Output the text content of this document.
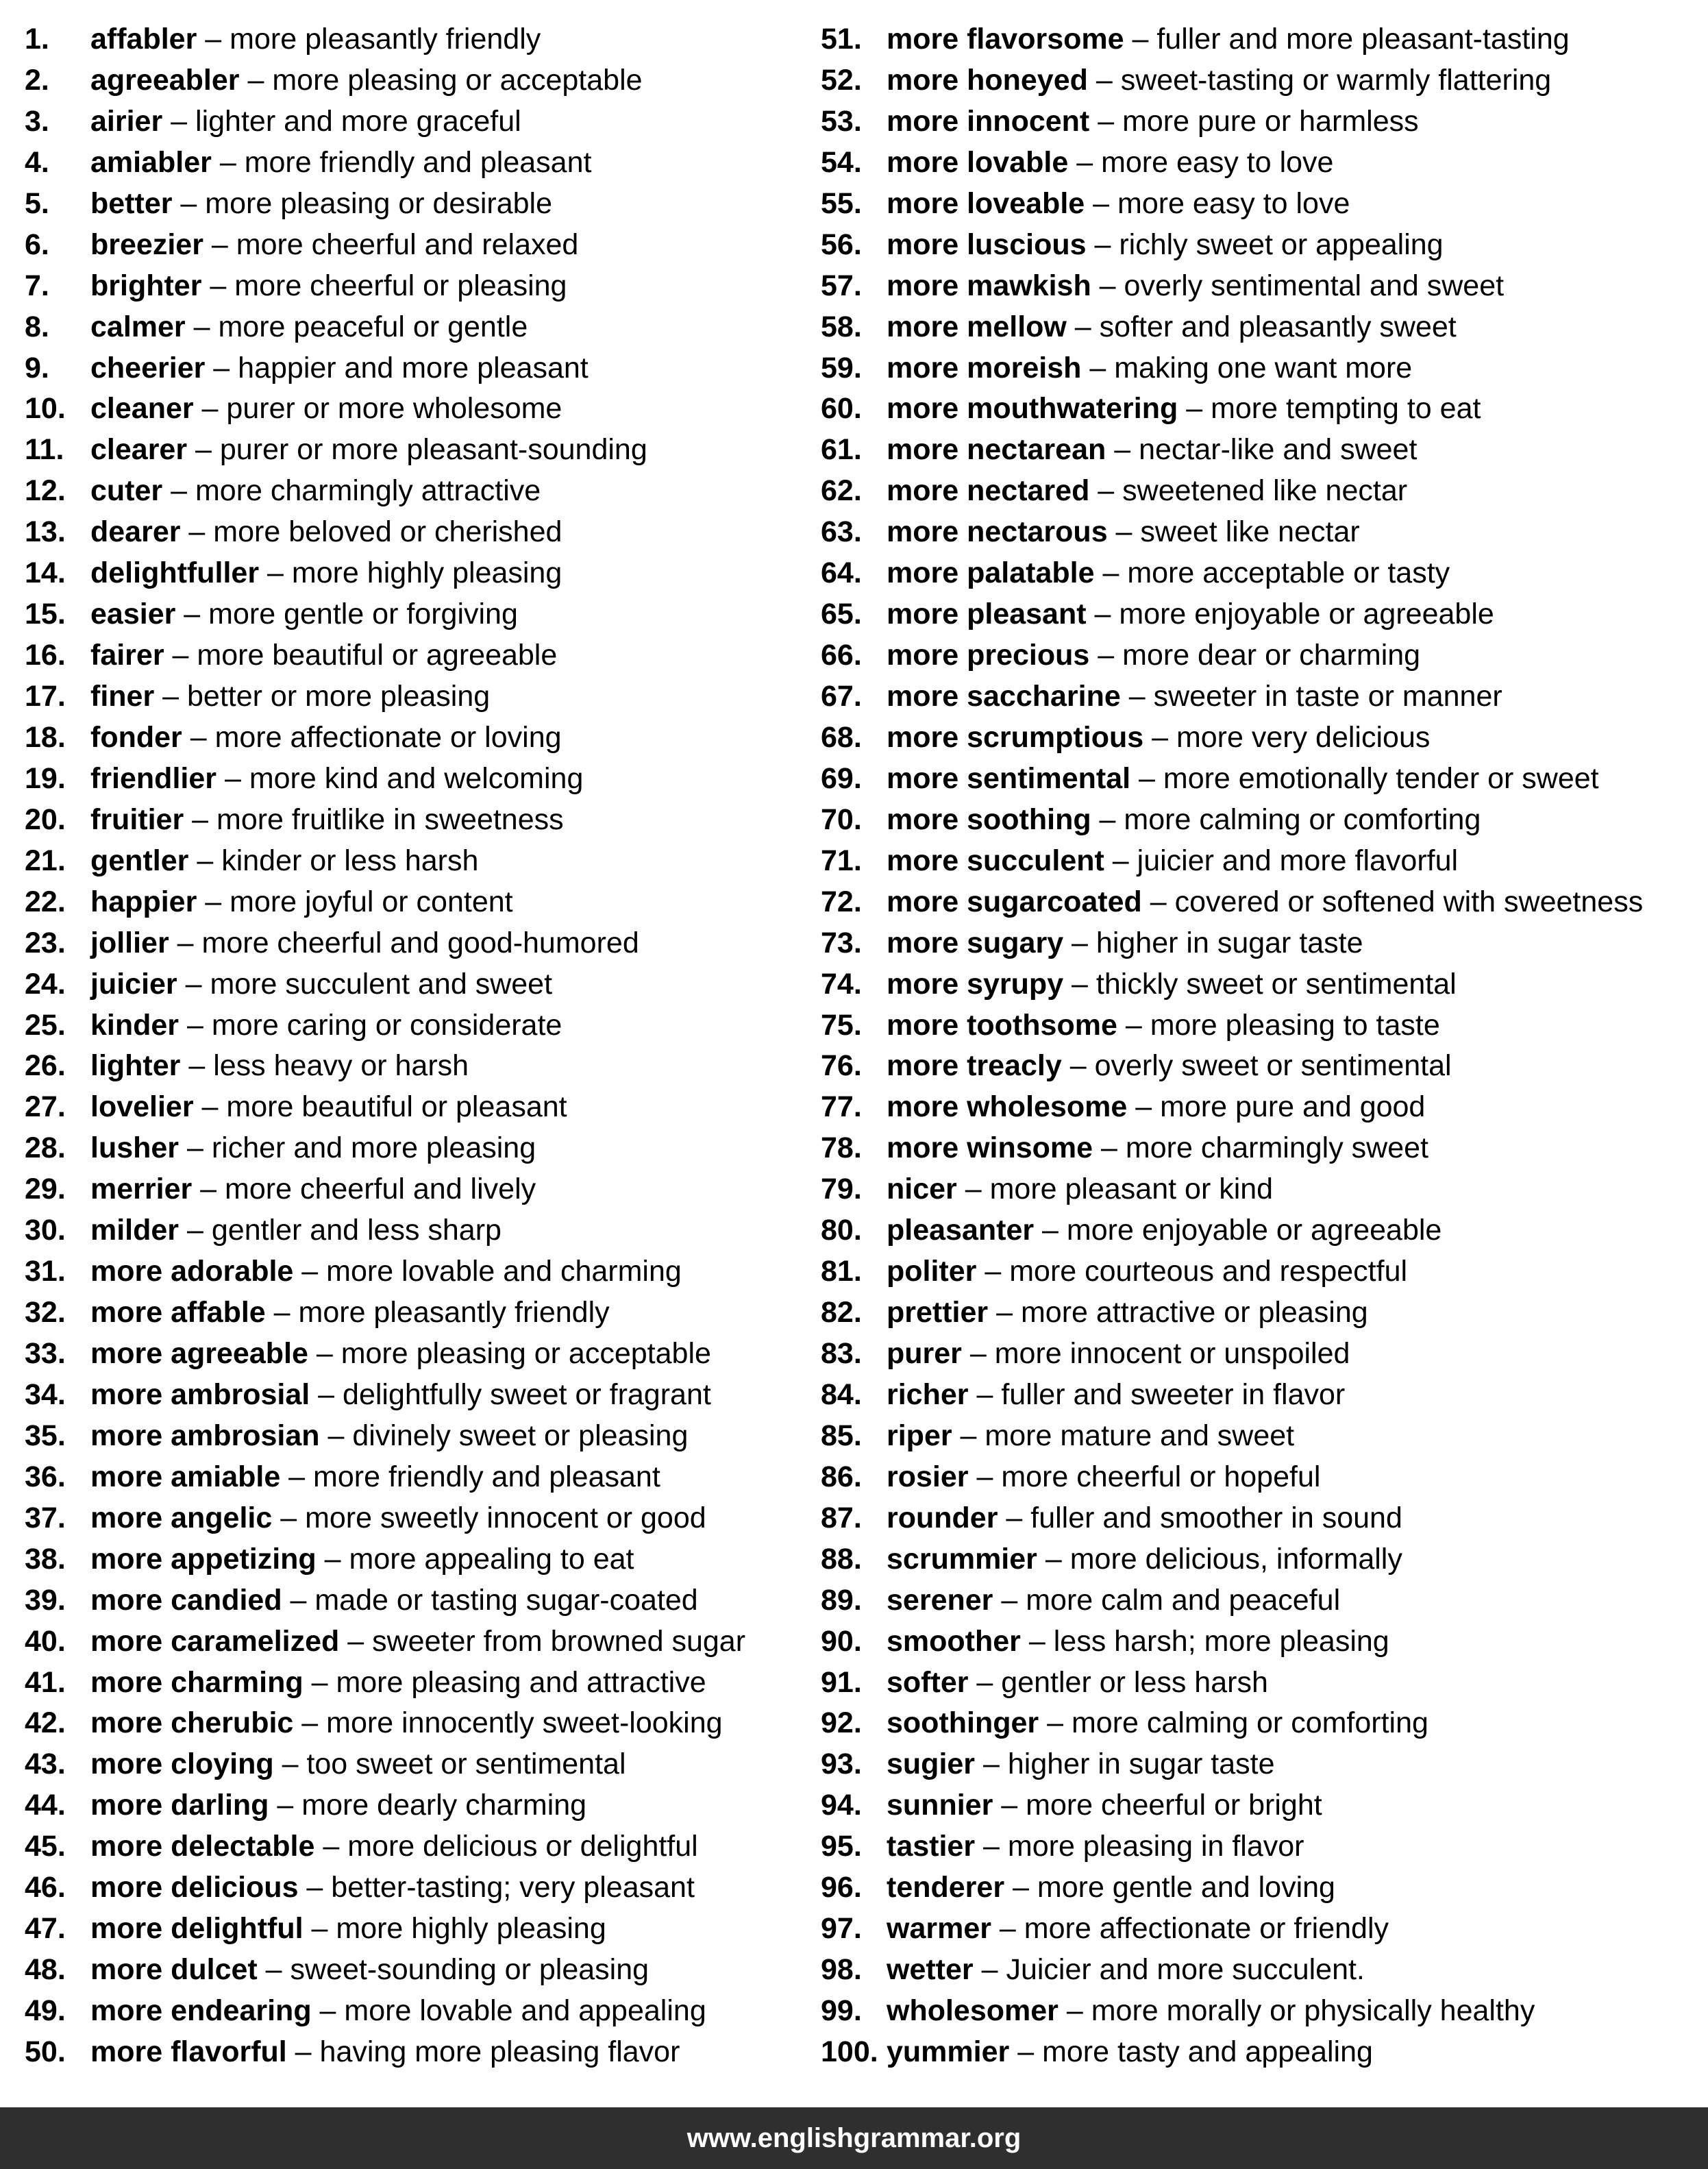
1. affabler – more pleasantly friendly
2. agreeabler – more pleasing or acceptable
3. airier – lighter and more graceful
4. amiabler – more friendly and pleasant
5. better – more pleasing or desirable
6. breezier – more cheerful and relaxed
7. brighter – more cheerful or pleasing
8. calmer – more peaceful or gentle
9. cheerier – happier and more pleasant
10. cleaner – purer or more wholesome
11. clearer – purer or more pleasant-sounding
12. cuter – more charmingly attractive
13. dearer – more beloved or cherished
14. delightfuller – more highly pleasing
15. easier – more gentle or forgiving
16. fairer – more beautiful or agreeable
17. finer – better or more pleasing
18. fonder – more affectionate or loving
19. friendlier – more kind and welcoming
20. fruitier – more fruitlike in sweetness
21. gentler – kinder or less harsh
22. happier – more joyful or content
23. jollier – more cheerful and good-humored
24. juicier – more succulent and sweet
25. kinder – more caring or considerate
26. lighter – less heavy or harsh
27. lovelier – more beautiful or pleasant
28. lusher – richer and more pleasing
29. merrier – more cheerful and lively
30. milder – gentler and less sharp
31. more adorable – more lovable and charming
32. more affable – more pleasantly friendly
33. more agreeable – more pleasing or acceptable
34. more ambrosial – delightfully sweet or fragrant
35. more ambrosian – divinely sweet or pleasing
36. more amiable – more friendly and pleasant
37. more angelic – more sweetly innocent or good
38. more appetizing – more appealing to eat
39. more candied – made or tasting sugar-coated
40. more caramelized – sweeter from browned sugar
41. more charming – more pleasing and attractive
42. more cherubic – more innocently sweet-looking
43. more cloying – too sweet or sentimental
44. more darling – more dearly charming
45. more delectable – more delicious or delightful
46. more delicious – better-tasting; very pleasant
47. more delightful – more highly pleasing
48. more dulcet – sweet-sounding or pleasing
49. more endearing – more lovable and appealing
50. more flavorful – having more pleasing flavor
51. more flavorsome – fuller and more pleasant-tasting
52. more honeyed – sweet-tasting or warmly flattering
53. more innocent – more pure or harmless
54. more lovable – more easy to love
55. more loveable – more easy to love
56. more luscious – richly sweet or appealing
57. more mawkish – overly sentimental and sweet
58. more mellow – softer and pleasantly sweet
59. more moreish – making one want more
60. more mouthwatering – more tempting to eat
61. more nectarean – nectar-like and sweet
62. more nectared – sweetened like nectar
63. more nectarous – sweet like nectar
64. more palatable – more acceptable or tasty
65. more pleasant – more enjoyable or agreeable
66. more precious – more dear or charming
67. more saccharine – sweeter in taste or manner
68. more scrumptious – more very delicious
69. more sentimental – more emotionally tender or sweet
70. more soothing – more calming or comforting
71. more succulent – juicier and more flavorful
72. more sugarcoated – covered or softened with sweetness
73. more sugary – higher in sugar taste
74. more syrupy – thickly sweet or sentimental
75. more toothsome – more pleasing to taste
76. more treacly – overly sweet or sentimental
77. more wholesome – more pure and good
78. more winsome – more charmingly sweet
79. nicer – more pleasant or kind
80. pleasanter – more enjoyable or agreeable
81. politer – more courteous and respectful
82. prettier – more attractive or pleasing
83. purer – more innocent or unspoiled
84. richer – fuller and sweeter in flavor
85. riper – more mature and sweet
86. rosier – more cheerful or hopeful
87. rounder – fuller and smoother in sound
88. scrummier – more delicious, informally
89. serener – more calm and peaceful
90. smoother – less harsh; more pleasing
91. softer – gentler or less harsh
92. soothinger – more calming or comforting
93. sugier – higher in sugar taste
94. sunnier – more cheerful or bright
95. tastier – more pleasing in flavor
96. tenderer – more gentle and loving
97. warmer – more affectionate or friendly
98. wetter – Juicier and more succulent.
99. wholesomer – more morally or physically healthy
100. yummier – more tasty and appealing
www.englishgrammar.org
